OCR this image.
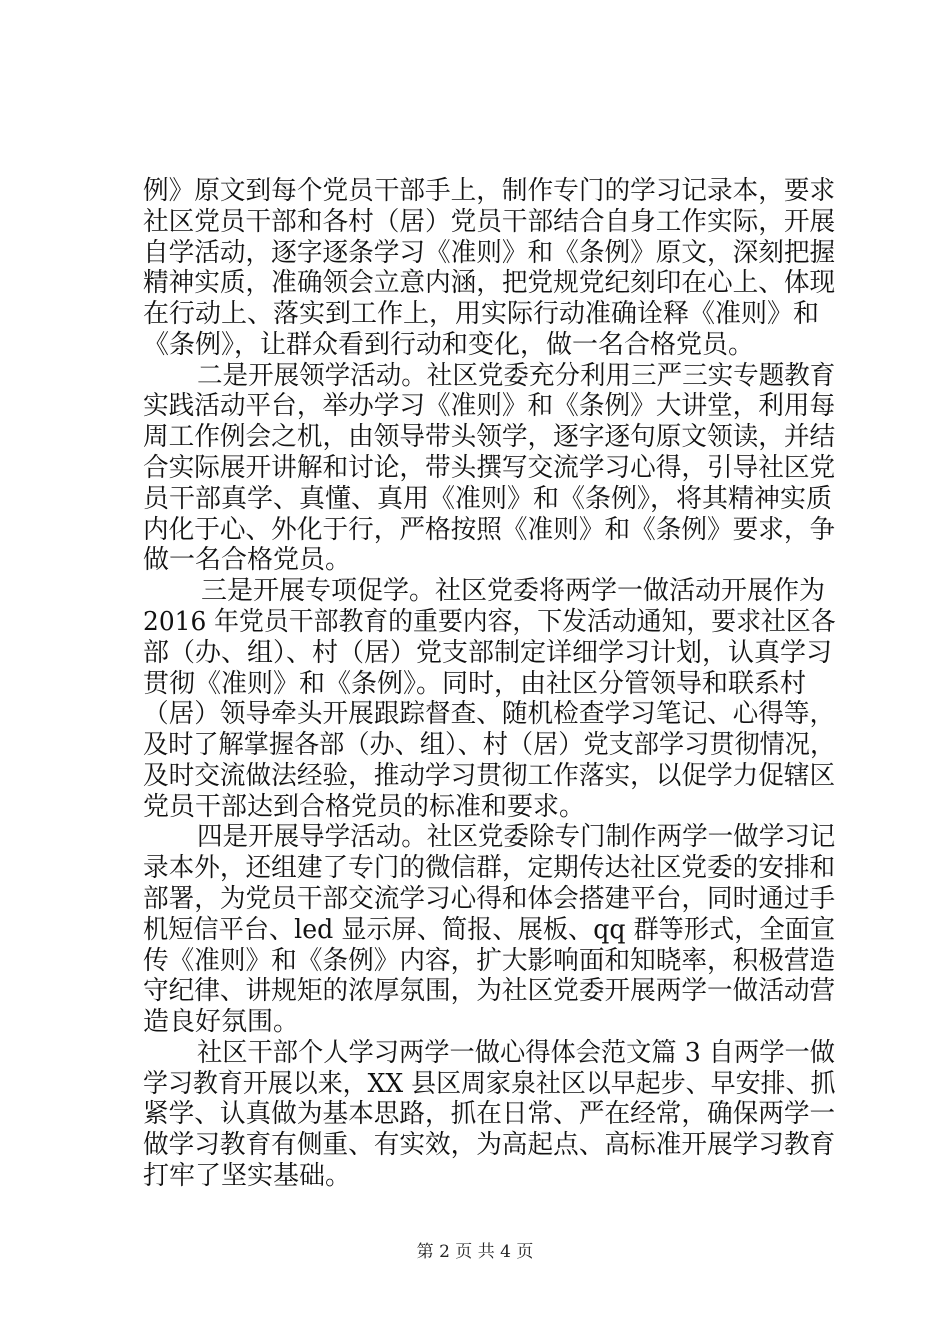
例》原文到每个党员干部手上，制作专门的学习记录本，要求
社区党员干部和各村（居）党员干部结合自身工作实际，开展
自学活动，逐字逐条学习《准则》和《条例》原文，深刻把握
精神实质，准确领会立意内涵，把党规党纪刻印在心上、体现
在行动上、落实到工作上，用实际行动准确诠释《准则》和
《条例》，让群众看到行动和变化，做一名合格党员。
二是开展领学活动。社区党委充分利用三严三实专题教育
实践活动平台，举办学习《准则》和《条例》大讲堂，利用每
周工作例会之机，由领导带头领学，逐字逐句原文领读，并结
合实际展开讲解和讨论，带头撰写交流学习心得，引导社区党
员干部真学、真懂、真用《准则》和《条例》，将其精神实质
内化于心、外化于行，严格按照《准则》和《条例》要求，争
做一名合格党员。
三是开展专项促学。社区党委将两学一做活动开展作为
2016 年党员干部教育的重要内容，下发活动通知，要求社区各
部（办、组）、村（居）党支部制定详细学习计划，认真学习
贯彻《准则》和《条例》。同时，由社区分管领导和联系村
（居）领导牵头开展跟踪督查、随机检查学习笔记、心得等，
及时了解掌握各部（办、组）、村（居）党支部学习贯彻情况，
及时交流做法经验，推动学习贯彻工作落实，以促学力促辖区
党员干部达到合格党员的标准和要求。
四是开展导学活动。社区党委除专门制作两学一做学习记
录本外，还组建了专门的微信群，定期传达社区党委的安排和
部署，为党员干部交流学习心得和体会搭建平台，同时通过手
机短信平台、led 显示屏、简报、展板、qq 群等形式，全面宣
传《准则》和《条例》内容，扩大影响面和知晓率，积极营造
守纪律、讲规矩的浓厚氛围，为社区党委开展两学一做活动营
造良好氛围。
社区干部个人学习两学一做心得体会范文篇 3 自两学一做
学习教育开展以来，XX 县区周家泉社区以早起步、早安排、抓
紧学、认真做为基本思路，抓在日常、严在经常，确保两学一
做学习教育有侧重、有实效，为高起点、高标准开展学习教育
打牢了坚实基础。
第 2 页 共 4 页
